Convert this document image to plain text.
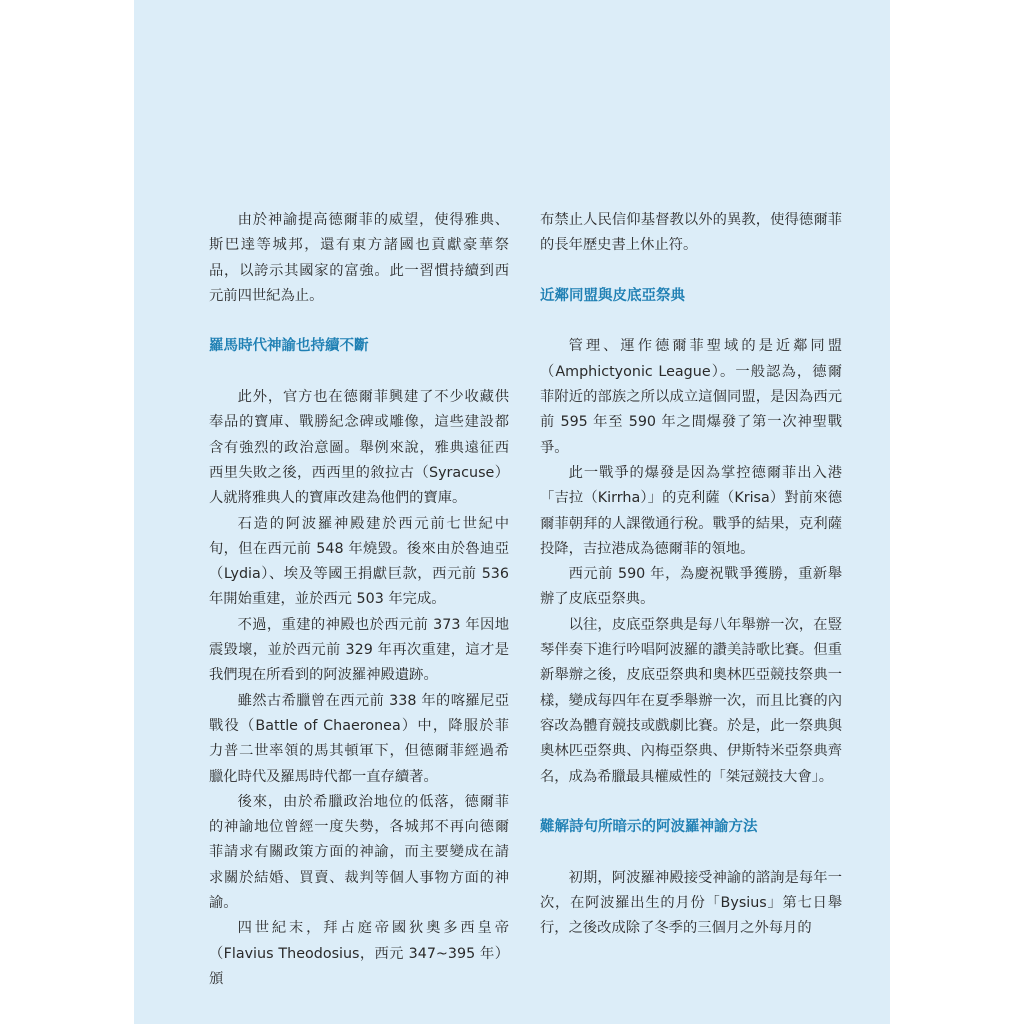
由於神諭提高德爾菲的威望，使得雅典、斯巴達等城邦，還有東方諸國也貢獻豪華祭品，以誇示其國家的富強。此一習慣持續到西元前四世紀為止。

羅馬時代神諭也持續不斷

此外，官方也在德爾菲興建了不少收藏供奉品的寶庫、戰勝紀念碑或雕像，這些建設都含有強烈的政治意圖。舉例來說，雅典遠征西西里失敗之後，西西里的敘拉古（Syracuse）人就將雅典人的寶庫改建為他們的寶庫。

石造的阿波羅神殿建於西元前七世紀中旬，但在西元前 548 年燒毀。後來由於魯迪亞（Lydia）、埃及等國王捐獻巨款，西元前 536 年開始重建，並於西元 503 年完成。

不過，重建的神殿也於西元前 373 年因地震毀壞，並於西元前 329 年再次重建，這才是我們現在所看到的阿波羅神殿遺跡。

雖然古希臘曾在西元前 338 年的喀羅尼亞戰役（Battle of Chaeronea）中，降服於菲力普二世率領的馬其頓軍下，但德爾菲經過希臘化時代及羅馬時代都一直存續著。

後來，由於希臘政治地位的低落，德爾菲的神諭地位曾經一度失勢，各城邦不再向德爾菲請求有關政策方面的神諭，而主要變成在請求關於結婚、買賣、裁判等個人事物方面的神諭。

四世紀末，拜占庭帝國狄奧多西皇帝（Flavius Theodosius，西元 347~395 年）頒

布禁止人民信仰基督教以外的異教，使得德爾菲的長年歷史書上休止符。

近鄰同盟與皮底亞祭典

管理、運作德爾菲聖域的是近鄰同盟（Amphictyonic League）。一般認為，德爾菲附近的部族之所以成立這個同盟，是因為西元前 595 年至 590 年之間爆發了第一次神聖戰爭。

此一戰爭的爆發是因為掌控德爾菲出入港「吉拉（Kirrha）」的克利薩（Krisa）對前來德爾菲朝拜的人課徵通行稅。戰爭的結果，克利薩投降，吉拉港成為德爾菲的領地。

西元前 590 年，為慶祝戰爭獲勝，重新舉辦了皮底亞祭典。

以往，皮底亞祭典是每八年舉辦一次，在豎琴伴奏下進行吟唱阿波羅的讚美詩歌比賽。但重新舉辦之後，皮底亞祭典和奧林匹亞競技祭典一樣，變成每四年在夏季舉辦一次，而且比賽的內容改為體育競技或戲劇比賽。於是，此一祭典與奧林匹亞祭典、內梅亞祭典、伊斯特米亞祭典齊名，成為希臘最具權威性的「桀冠競技大會」。

難解詩句所暗示的阿波羅神諭方法

初期，阿波羅神殿接受神諭的諮詢是每年一次，在阿波羅出生的月份「Bysius」第七日舉行，之後改成除了冬季的三個月之外每月的
